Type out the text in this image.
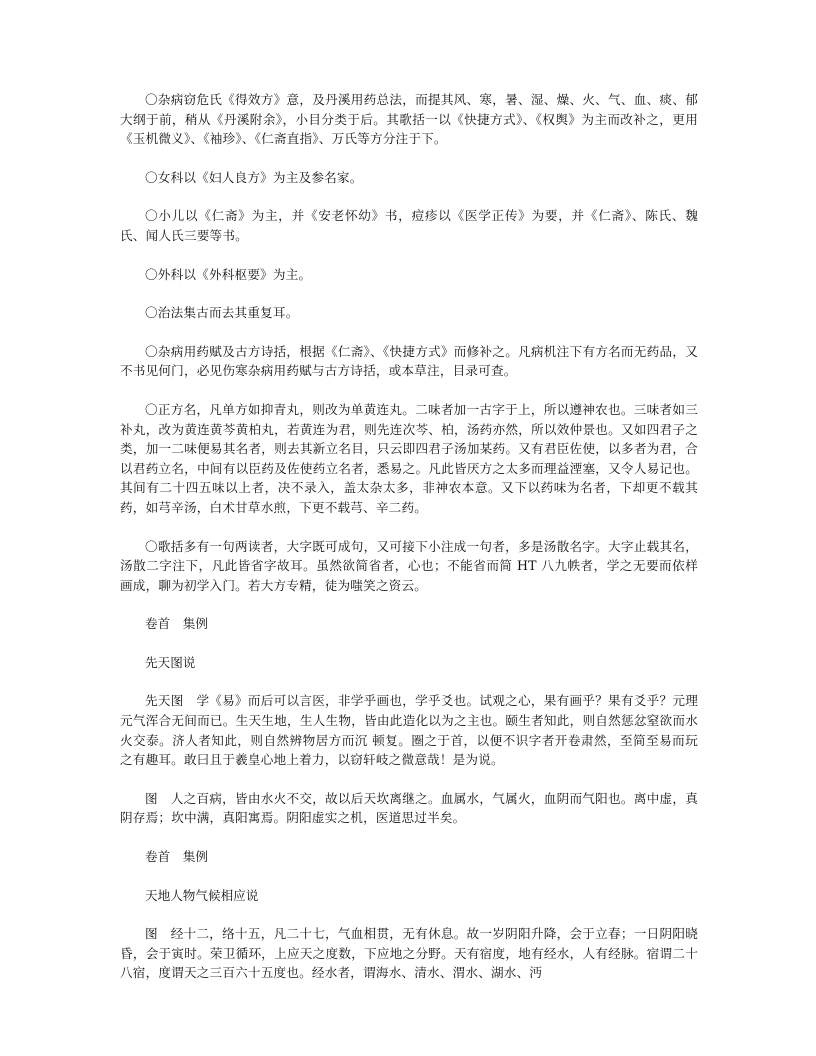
〇杂病窃危氏《得效方》意，及丹溪用药总法，而提其风、寒，暑、湿、燥、火、气、血、痰、郁大纲于前，稍从《丹溪附余》，小目分类于后。其歌括一以《快捷方式》、《权舆》为主而改补之，更用《玉机微义》、《袖珍》、《仁斋直指》、万氏等方分注于下。

〇女科以《妇人良方》为主及参名家。

〇小儿以《仁斋》为主，并《安老怀幼》书，痘疹以《医学正传》为要，并《仁斋》、陈氏、魏氏、闻人氏三要等书。

〇外科以《外科枢要》为主。

〇治法集古而去其重复耳。

〇杂病用药赋及古方诗括，根据《仁斋》、《快捷方式》而修补之。凡病机注下有方名而无药品，又不书见何门，必见伤寒杂病用药赋与古方诗括，或本草注，目录可查。

〇正方名，凡单方如抑青丸，则改为单黄连丸。二味者加一古字于上，所以遵神农也。三味者如三补丸，改为黄连黄芩黄柏丸，若黄连为君，则先连次芩、柏，汤药亦然，所以效仲景也。又如四君子之类，加一二味便易其名者，则去其新立名目，只云即四君子汤加某药。又有君臣佐使，以多者为君，合以君药立名，中间有以臣药及佐使药立名者，悉易之。凡此皆厌方之太多而理益湮塞，又令人易记也。其间有二十四五味以上者，决不录入，盖太杂太多，非神农本意。又下以药味为名者，下却更不载其药，如芎辛汤，白术甘草水煎，下更不载芎、辛二药。

〇歌括多有一句两读者，大字既可成句，又可接下小注成一句者，多是汤散名字。大字止载其名，汤散二字注下，凡此皆省字故耳。虽然欲简省者，心也；不能省而简 HT 八九帙者，学之无要而依样画成，聊为初学入门。若大方专精，徒为嗤笑之资云。

卷首　集例

先天图说

先天图　学《易》而后可以言医，非学乎画也，学乎爻也。试观之心，果有画乎？果有爻乎？元理元气浑合无间而已。生天生地，生人生物，皆由此造化以为之主也。颐生者知此，则自然惩忿窒欲而水火交泰。济人者知此，则自然辨物居方而沉 顿复。圈之于首，以便不识字者开卷肃然，至简至易而玩之有趣耳。敢曰且于羲皇心地上着力，以窃轩岐之微意哉！是为说。

图　人之百病，皆由水火不交，故以后天坎离继之。血属水，气属火，血阴而气阳也。离中虚，真阴存焉；坎中满，真阳寓焉。阴阳虚实之机，医道思过半矣。

卷首　集例

天地人物气候相应说

图　经十二，络十五，凡二十七，气血相贯，无有休息。故一岁阴阳升降，会于立春；一日阴阳晓昏，会于寅时。荣卫循环，上应天之度数，下应地之分野。天有宿度，地有经水，人有经脉。宿谓二十八宿，度谓天之三百六十五度也。经水者，谓海水、清水、渭水、湖水、沔
